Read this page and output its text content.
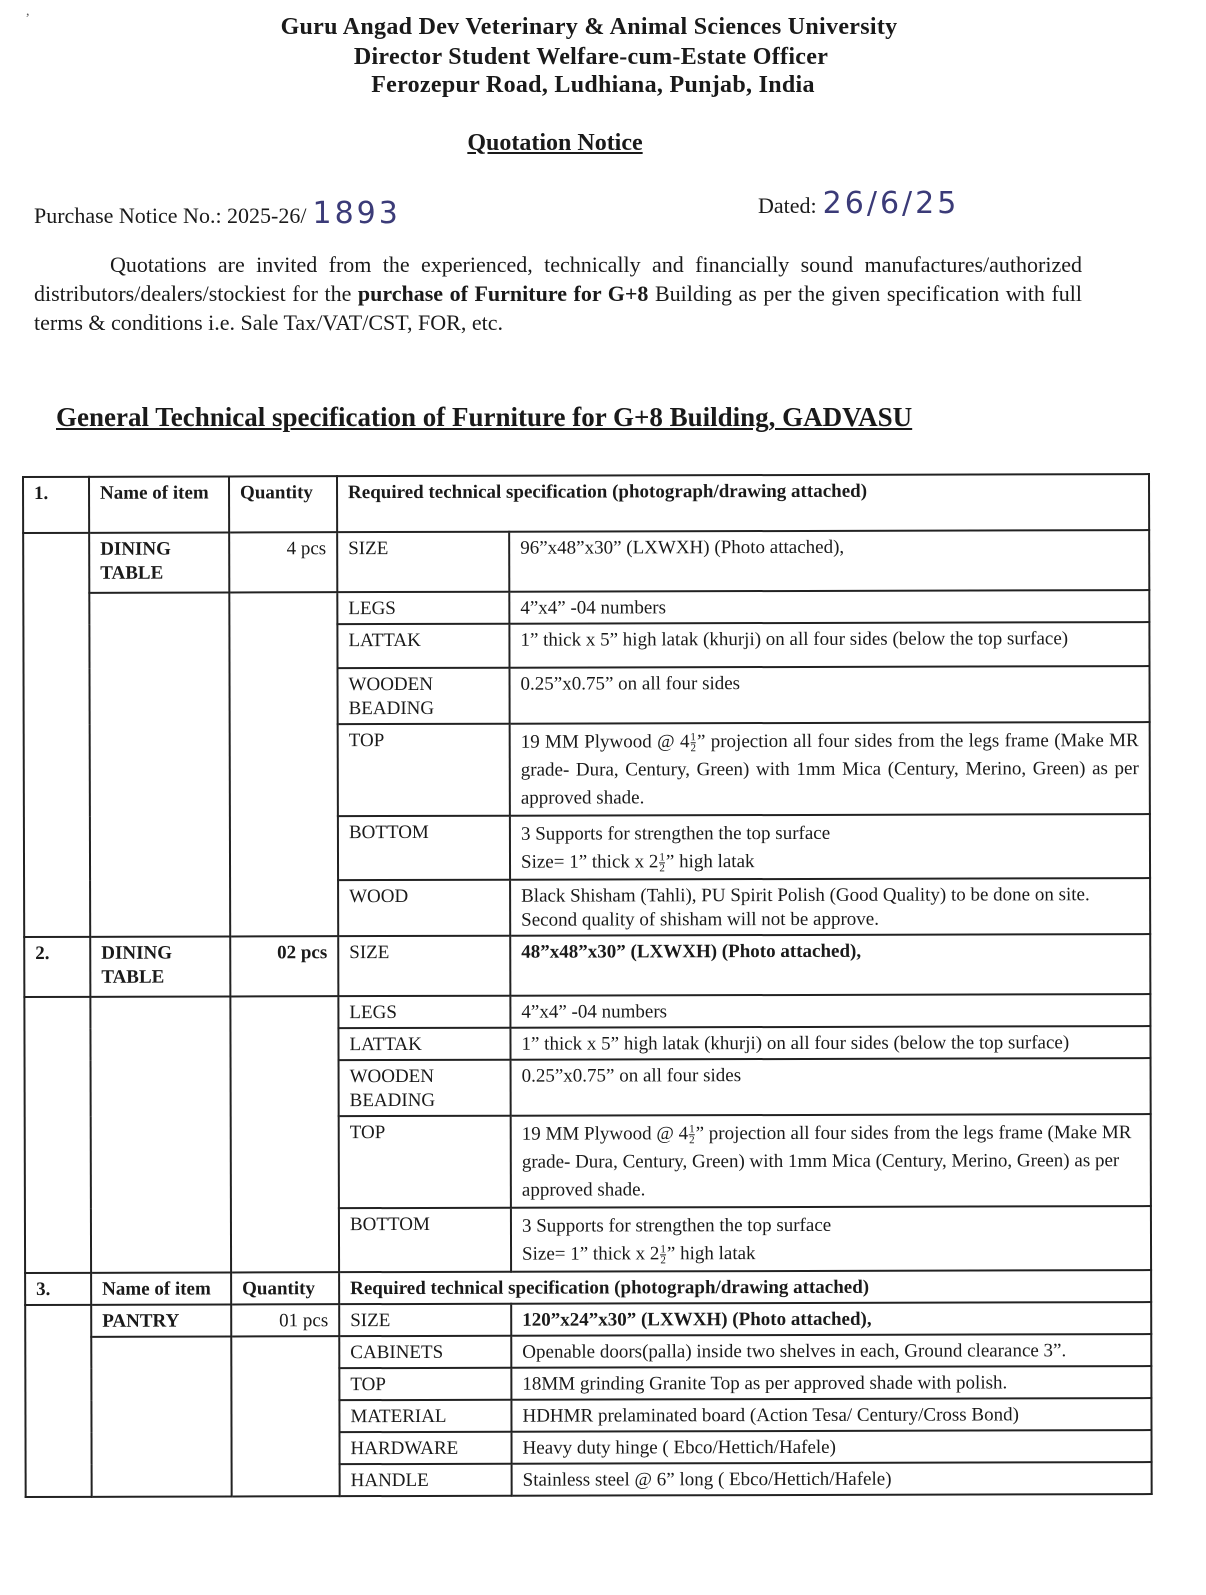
,
Guru Angad Dev Veterinary & Animal Sciences University
Director Student Welfare-cum-Estate Officer
Ferozepur Road, Ludhiana, Punjab, India
Quotation Notice
Purchase Notice No.: 2025-26/ 1893	Dated: 26/6/25
Quotations are invited from the experienced, technically and financially sound manufactures/authorized distributors/dealers/stockiest for the purchase of Furniture for G+8 Building as per the given specification with full terms & conditions i.e. Sale Tax/VAT/CST, FOR, etc.
General Technical specification of Furniture for G+8 Building, GADVASU
1.	Name of item	Quantity	Required technical specification (photograph/drawing attached)	
	DINING TABLE	4 pcs	SIZE	96”x48”x30” (LXWXH) (Photo attached),
			LEGS	4”x4” -04 numbers
			LATTAK	1” thick x 5” high latak (khurji) on all four sides (below the top surface)
			WOODEN BEADING	0.25”x0.75” on all four sides
			TOP	19 MM Plywood @ $4 \frac{1}{2}$ ” projection all four sides from the legs frame (Make MR grade- Dura, Century, Green) with 1mm Mica (Century, Merino, Green) as per approved shade.
			BOTTOM	3 Supports for strengthen the top surface
Size= 1” thick x $2 \frac{1}{2}$ ” high latak
			WOOD	Black Shisham (Tahli), PU Spirit Polish (Good Quality) to be done on site. Second quality of shisham will not be approve.
2.	DINING TABLE	02 pcs	SIZE	48”x48”x30” (LXWXH) (Photo attached),
			LEGS	4”x4” -04 numbers
			LATTAK	1” thick x 5” high latak (khurji) on all four sides (below the top surface)
			WOODEN BEADING	0.25”x0.75” on all four sides
			TOP	19 MM Plywood @ $4 \frac{1}{2}$ ” projection all four sides from the legs frame (Make MR grade- Dura, Century, Green) with 1mm Mica (Century, Merino, Green) as per approved shade.
			BOTTOM	3 Supports for strengthen the top surface
Size= 1” thick x $2 \frac{1}{2}$ ” high latak
3.	Name of item	Quantity	Required technical specification (photograph/drawing attached)	
	PANTRY	01 pcs	SIZE	120”x24”x30” (LXWXH) (Photo attached),
			CABINETS	Openable doors(palla) inside two shelves in each, Ground clearance 3”.
			TOP	18MM grinding Granite Top as per approved shade with polish.
			MATERIAL	HDHMR prelaminated board (Action Tesa/ Century/Cross Bond)
			HARDWARE	Heavy duty hinge ( Ebco/Hettich/Hafele)
			HANDLE	Stainless steel @ 6” long ( Ebco/Hettich/Hafele)
